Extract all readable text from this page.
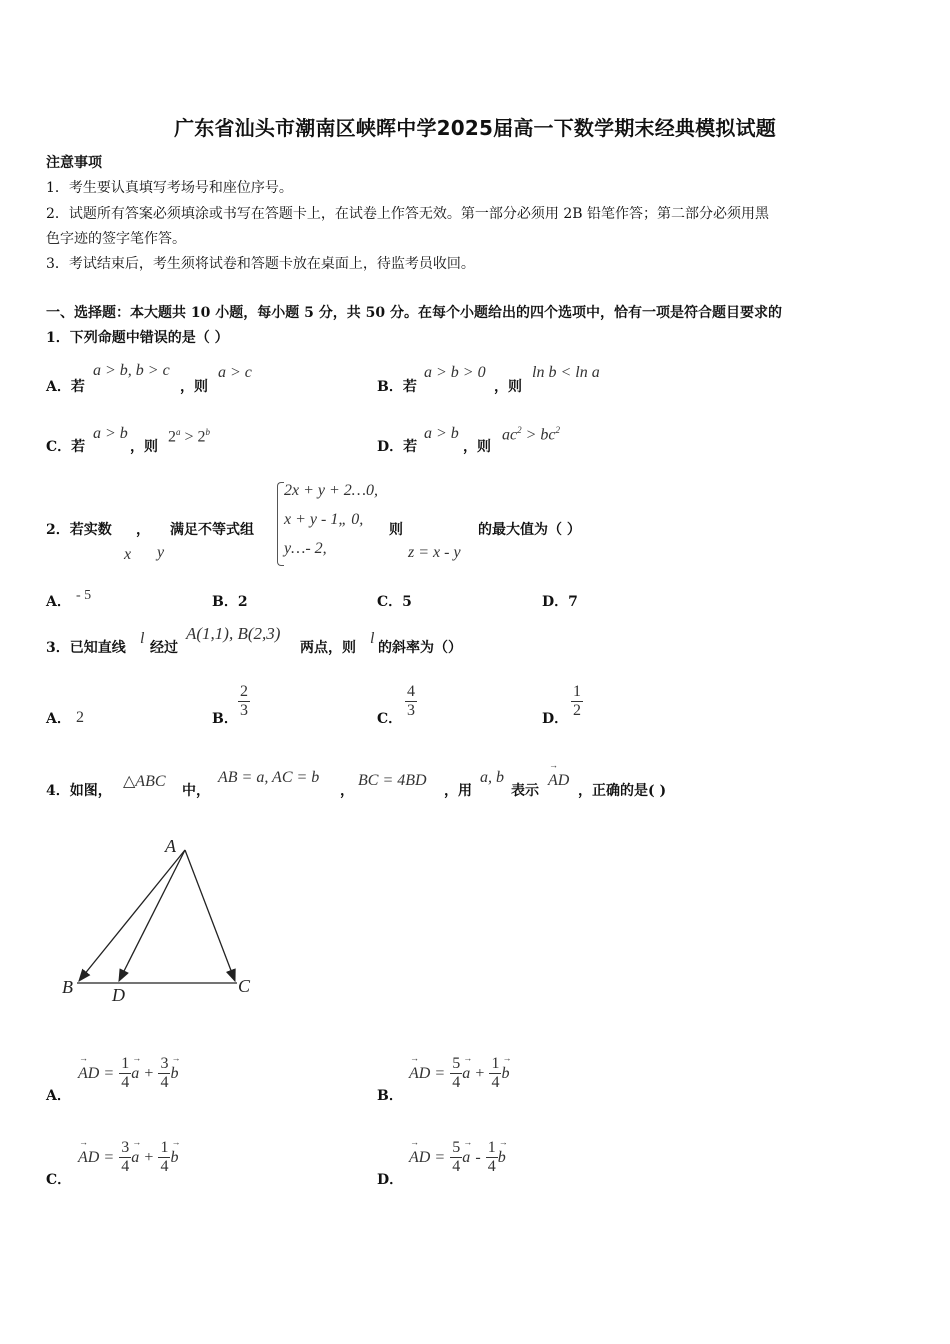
广东省汕头市潮南区峡晖中学2025届高一下数学期末经典模拟试题
注意事项
1．考生要认真填写考场号和座位序号。
2．试题所有答案必须填涂或书写在答题卡上，在试卷上作答无效。第一部分必须用 2B 铅笔作答；第二部分必须用黑
色字迹的签字笔作答。
3．考试结束后，考生须将试卷和答题卡放在桌面上，待监考员收回。
一、选择题：本大题共 10 小题，每小题 5 分，共 50 分。在每个小题给出的四个选项中，恰有一项是符合题目要求的
1．下列命题中错误的是（ ）
A．若
a > b, b > c
，则
a > c
B．若
a > b > 0
，则
ln b < ln a
C．若
a > b
，则
$2^a > 2^b$
D．若
a > b
，则
$ac^2 > bc^2$
2．若实数 ， 满足不等式组
x y
2x + y + 2…0,
x + y - 1„ 0,
y…- 2,
则
z = x - y
的最大值为（ ）
A． - 5	B．2	C．5	D．7
3．已知直线
l
经过
A(1,1), B(2,3)
两点，则
l
的斜率为（）
A． 2	B． $\frac{2}{3}$	C． $\frac{4}{3}$	D． $\frac{1}{2}$
4．如图，
△ABC
中，
AB = a, AC = b
，
BC = 4BD
，用
a, b
表示
→ AD
，正确的是( )
A
B D	C
A．
→ AD = $\frac{1}{4}$
→ $a + \frac{3}{4}$
→ b
B．
→ AD = $\frac{5}{4}$
→ $a + \frac{1}{4}$
→ b
C．
→ AD = $\frac{3}{4}$
→ $a + \frac{1}{4}$
→ b
D．
→ AD = $\frac{5}{4}$
→ a - $\frac{1}{4}$
→ b
